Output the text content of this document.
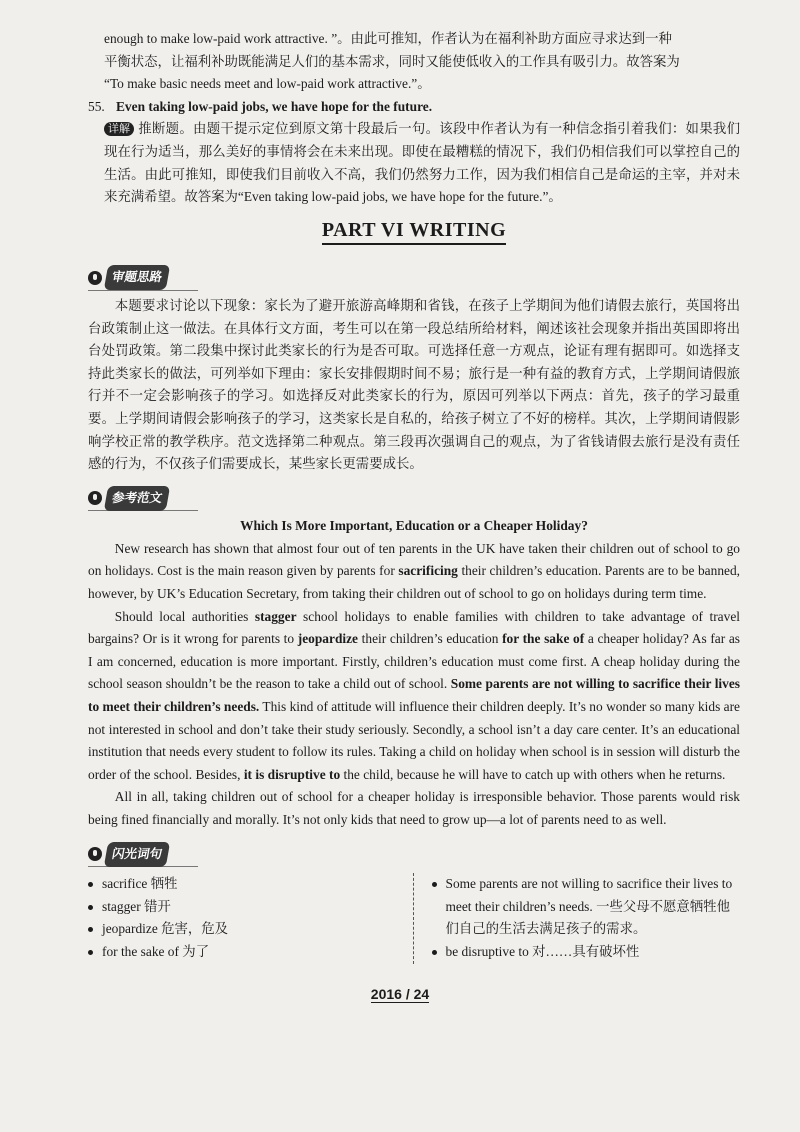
enough to make low-paid work attractive. ”。由此可推知，作者认为在福利补助方面应寻求达到一种

平衡状态，让福利补助既能满足人们的基本需求，同时又能使低收入的工作具有吸引力。故答案为

“To make basic needs meet and low-paid work attractive.”。

55. Even taking low-paid jobs, we have hope for the future.

详解 推断题。由题干提示定位到原文第十段最后一句。该段中作者认为有一种信念指引着我们：如果我们现在行为适当，那么美好的事情将会在未来出现。即使在最糟糕的情况下，我们仍相信我们可以掌控自己的生活。由此可推知，即使我们目前收入不高，我们仍然努力工作，因为我们相信自己是命运的主宰，并对未来充满希望。故答案为“Even taking low-paid jobs, we have hope for the future.”。

PART VI WRITING
审题思路

本题要求讨论以下现象：家长为了避开旅游高峰期和省钱，在孩子上学期间为他们请假去旅行，英国将出台政策制止这一做法。在具体行文方面，考生可以在第一段总结所给材料，阐述该社会现象并指出英国即将出台处罚政策。第二段集中探讨此类家长的行为是否可取。可选择任意一方观点，论证有理有据即可。如选择支持此类家长的做法，可列举如下理由：家长安排假期时间不易；旅行是一种有益的教育方式，上学期间请假旅行并不一定会影响孩子的学习。如选择反对此类家长的行为，原因可列举以下两点：首先，孩子的学习最重要。上学期间请假会影响孩子的学习，这类家长是自私的，给孩子树立了不好的榜样。其次，上学期间请假影响学校正常的教学秩序。范文选择第二种观点。第三段再次强调自己的观点，为了省钱请假去旅行是没有责任感的行为，不仅孩子们需要成长，某些家长更需要成长。

参考范文

Which Is More Important, Education or a Cheaper Holiday?

New research has shown that almost four out of ten parents in the UK have taken their children out of school to go on holidays. Cost is the main reason given by parents for sacrificing their children’s education. Parents are to be banned, however, by UK’s Education Secretary, from taking their children out of school to go on holidays during term time.

Should local authorities stagger school holidays to enable families with children to take advantage of travel bargains? Or is it wrong for parents to jeopardize their children’s education for the sake of a cheaper holiday? As far as I am concerned, education is more important. Firstly, children’s education must come first. A cheap holiday during the school season shouldn’t be the reason to take a child out of school. Some parents are not willing to sacrifice their lives to meet their children’s needs. This kind of attitude will influence their children deeply. It’s no wonder so many kids are not interested in school and don’t take their study seriously. Secondly, a school isn’t a day care center. It’s an educational institution that needs every student to follow its rules. Taking a child on holiday when school is in session will disturb the order of the school. Besides, it is disruptive to the child, because he will have to catch up with others when he returns.

All in all, taking children out of school for a cheaper holiday is irresponsible behavior. Those parents would risk being fined financially and morally. It’s not only kids that need to grow up—a lot of parents need to as well.

闪光词句
sacrifice 牺牲
stagger 错开
jeopardize 危害，危及
for the sake of 为了
Some parents are not willing to sacrifice their lives to meet their children’s needs. 一些父母不愿意牺牲他们自己的生活去满足孩子的需求。
be disruptive to 对……具有破坏性
2016 / 24
